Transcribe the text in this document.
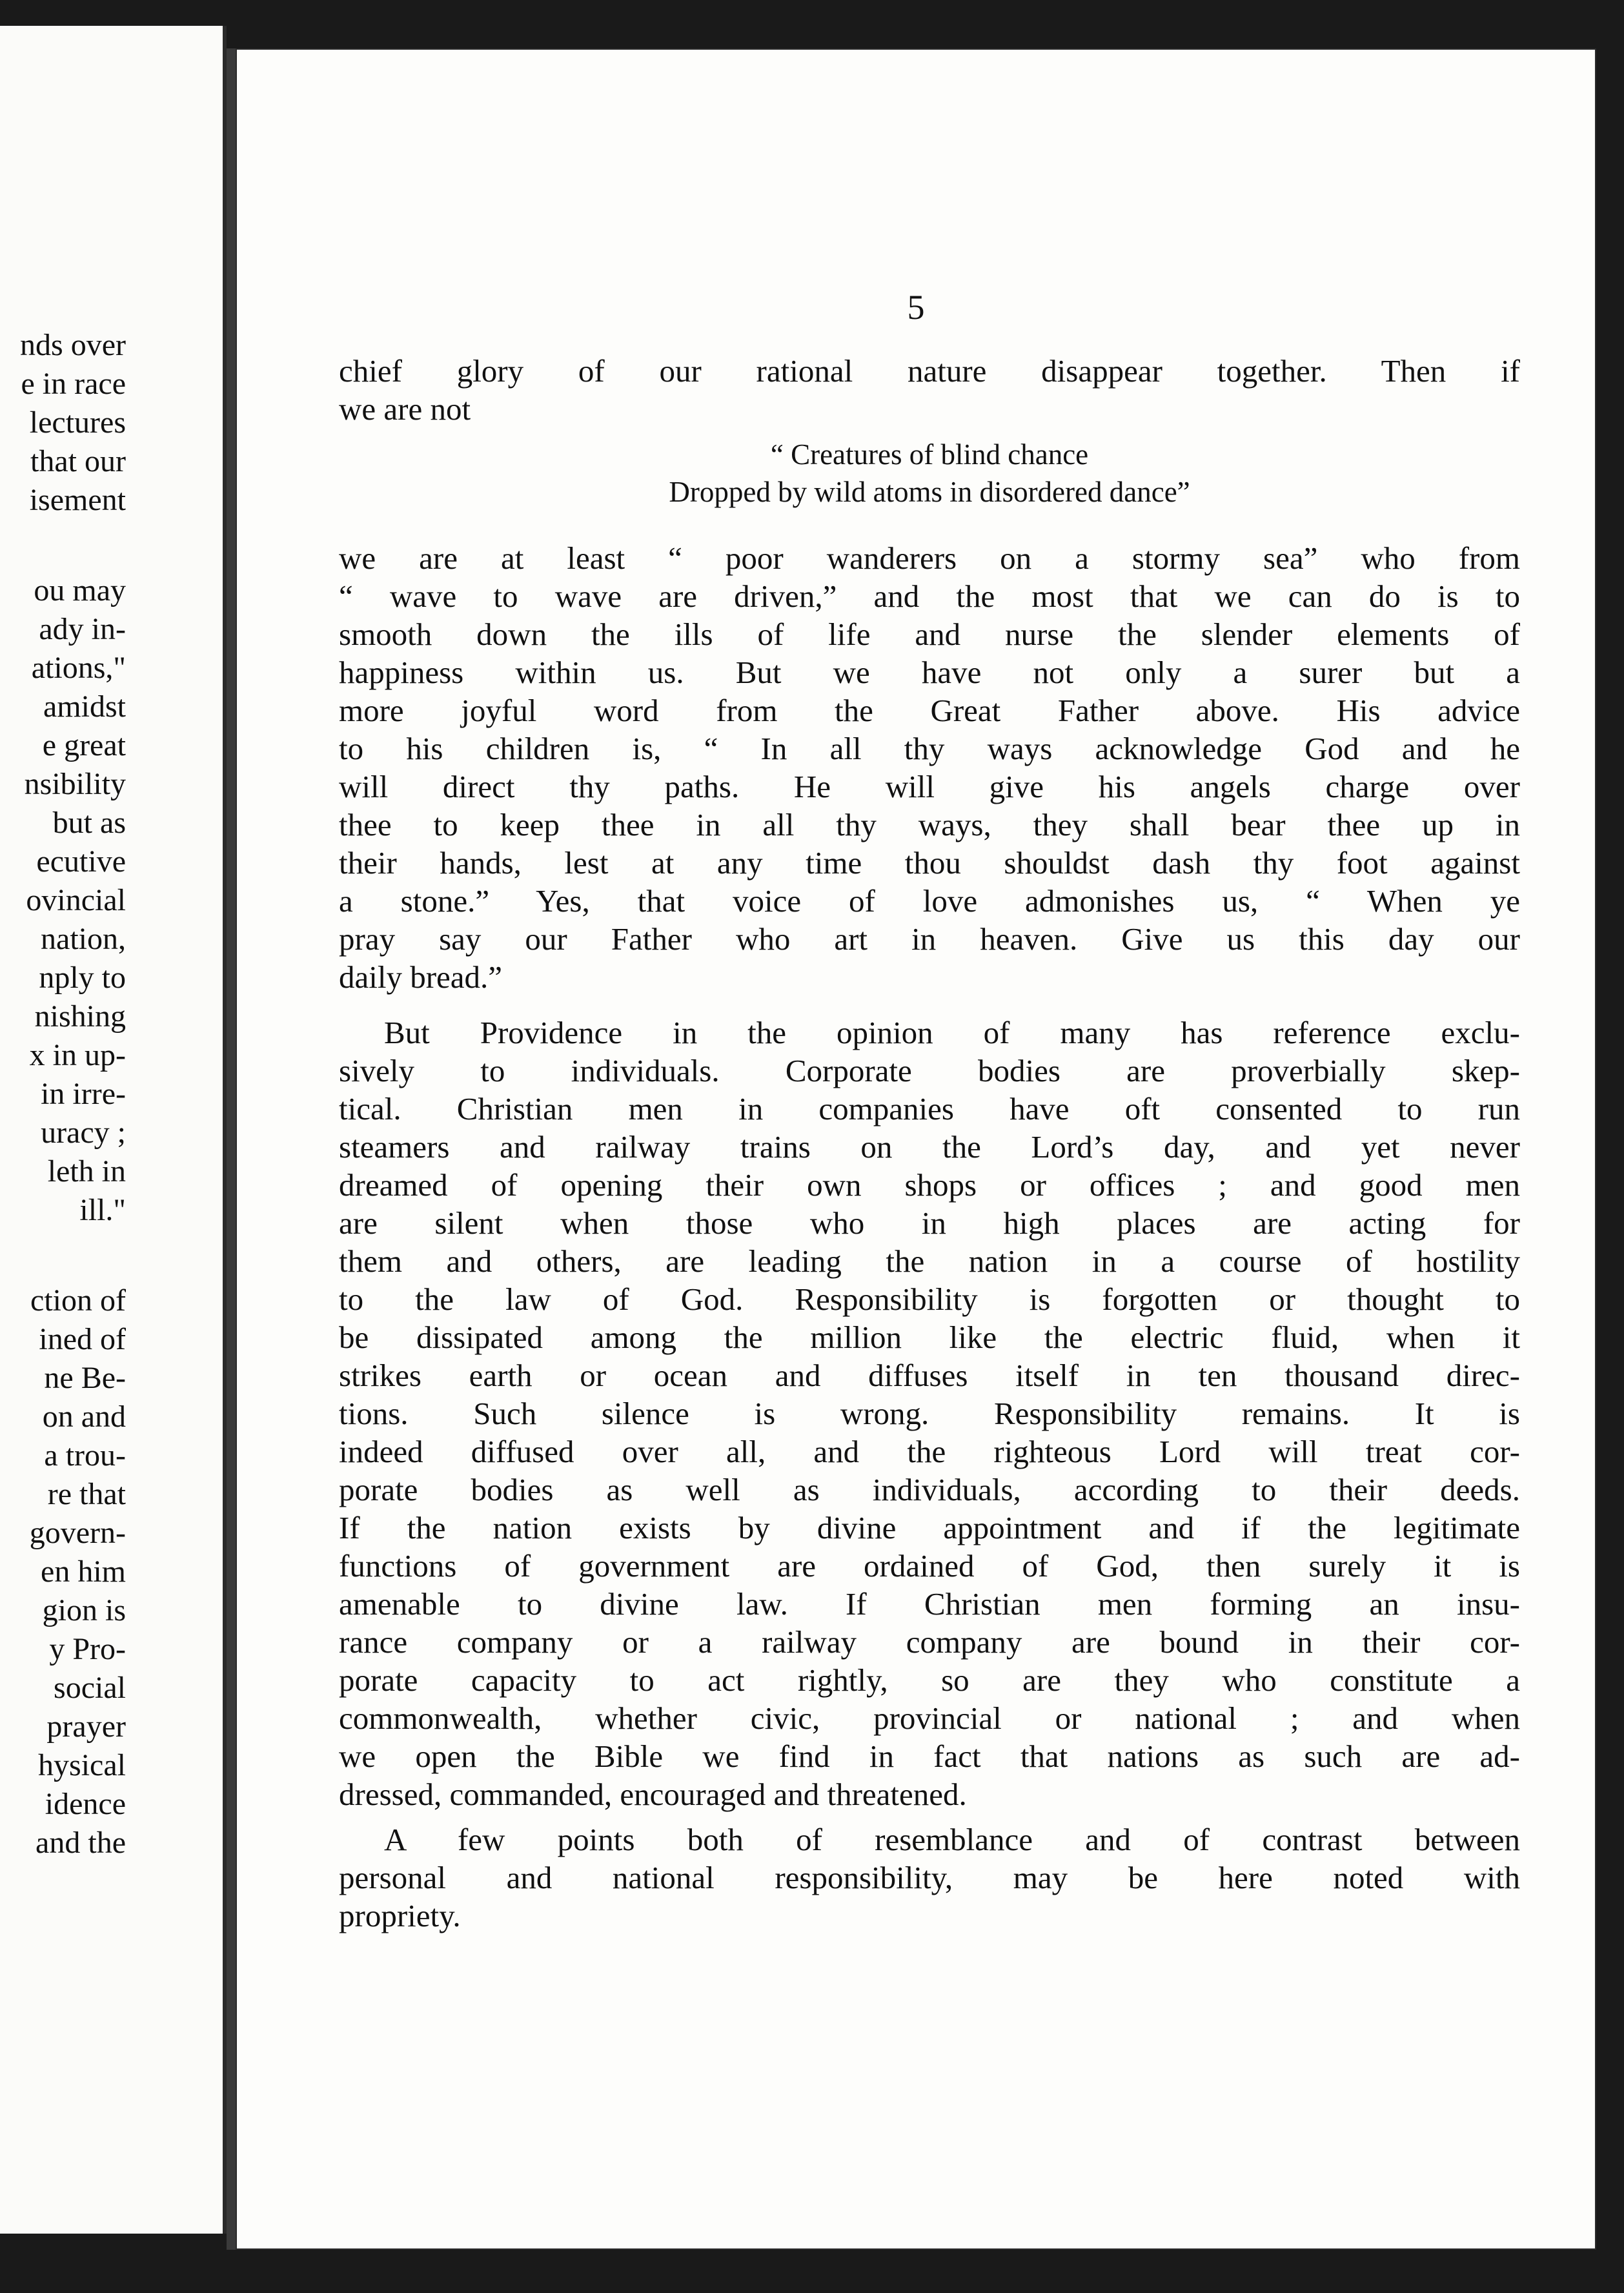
nds over
e in race
lectures
that our
isement
ou may
ady in-
ations,"
amidst
e great
nsibility
but as
ecutive
ovincial
nation,
nply to
nishing
x in up-
in irre-
uracy ;
leth in
ill."
ction of
ined of
ne Be-
on and
a trou-
re that
govern-
en him
gion is
y Pro-
social
prayer
hysical
idence
and the
5
chief glory of our rational nature disappear together. Then if
we are not
“ Creatures of blind chance
Dropped by wild atoms in disordered dance”
we are at least “ poor wanderers on a stormy sea” who from
“ wave to wave are driven,” and the most that we can do is to
smooth down the ills of life and nurse the slender elements of
happiness within us. But we have not only a surer but a
more joyful word from the Great Father above. His advice
to his children is, “ In all thy ways acknowledge God and he
will direct thy paths. He will give his angels charge over
thee to keep thee in all thy ways, they shall bear thee up in
their hands, lest at any time thou shouldst dash thy foot against
a stone.” Yes, that voice of love admonishes us, “ When ye
pray say our Father who art in heaven. Give us this day our
daily bread.”
But Providence in the opinion of many has reference exclu-
sively to individuals. Corporate bodies are proverbially skep-
tical. Christian men in companies have oft consented to run
steamers and railway trains on the Lord’s day, and yet never
dreamed of opening their own shops or offices ; and good men
are silent when those who in high places are acting for
them and others, are leading the nation in a course of hostility
to the law of God. Responsibility is forgotten or thought to
be dissipated among the million like the electric fluid, when it
strikes earth or ocean and diffuses itself in ten thousand direc-
tions. Such silence is wrong. Responsibility remains. It is
indeed diffused over all, and the righteous Lord will treat cor-
porate bodies as well as individuals, according to their deeds.
If the nation exists by divine appointment and if the legitimate
functions of government are ordained of God, then surely it is
amenable to divine law. If Christian men forming an insu-
rance company or a railway company are bound in their cor-
porate capacity to act rightly, so are they who constitute a
commonwealth, whether civic, provincial or national ; and when
we open the Bible we find in fact that nations as such are ad-
dressed, commanded, encouraged and threatened.
A few points both of resemblance and of contrast between
personal and national responsibility, may be here noted with
propriety.
